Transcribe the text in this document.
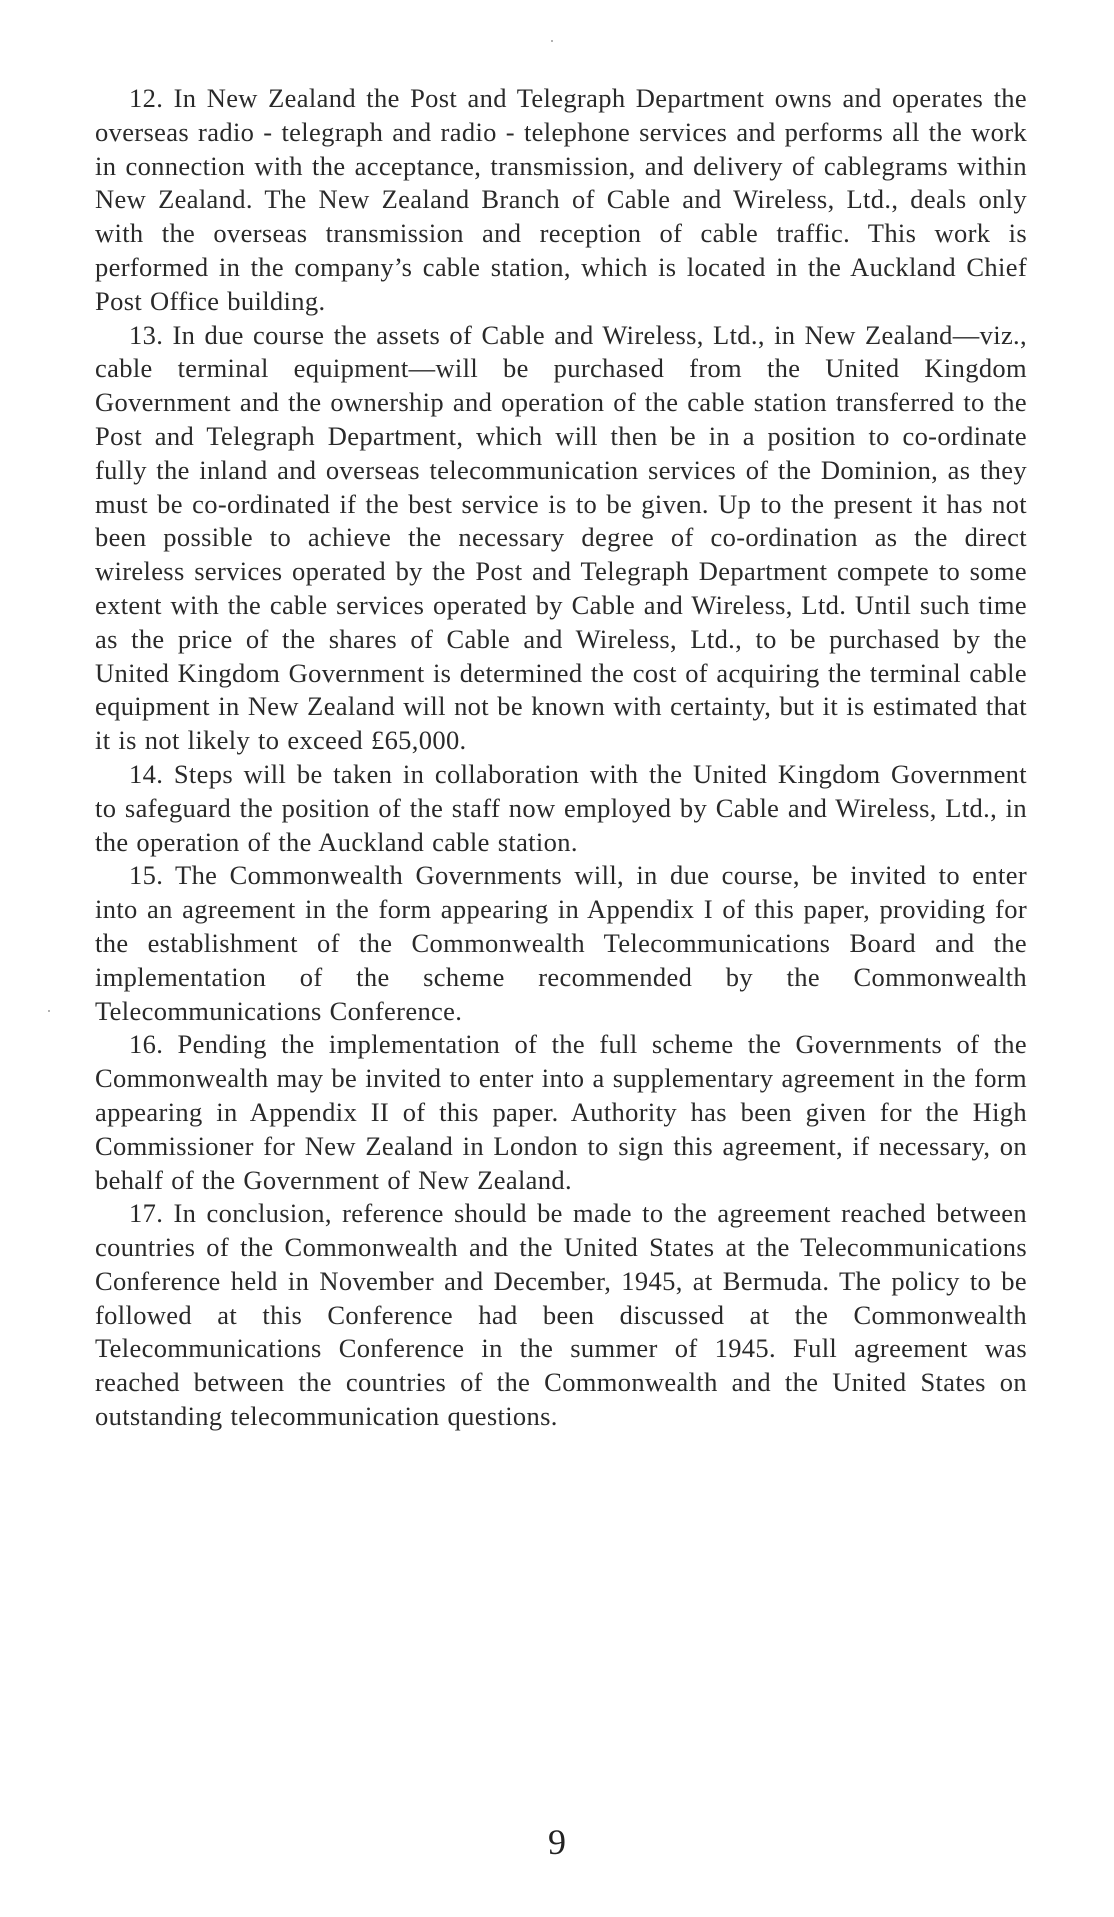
12. In New Zealand the Post and Telegraph Department owns and operates the overseas radio - telegraph and radio - telephone services and performs all the work in connection with the acceptance, transmission, and delivery of cablegrams within New Zealand. The New Zealand Branch of Cable and Wireless, Ltd., deals only with the overseas transmission and reception of cable traffic. This work is performed in the company’s cable station, which is located in the Auckland Chief Post Office building.

13. In due course the assets of Cable and Wireless, Ltd., in New Zealand—viz., cable terminal equipment—will be purchased from the United Kingdom Government and the ownership and operation of the cable station transferred to the Post and Telegraph Department, which will then be in a position to co-ordinate fully the inland and overseas telecommunication services of the Dominion, as they must be co-ordinated if the best service is to be given. Up to the present it has not been possible to achieve the necessary degree of co-ordination as the direct wireless services operated by the Post and Telegraph Department compete to some extent with the cable services operated by Cable and Wireless, Ltd. Until such time as the price of the shares of Cable and Wireless, Ltd., to be purchased by the United Kingdom Government is determined the cost of acquiring the terminal cable equipment in New Zealand will not be known with certainty, but it is estimated that it is not likely to exceed £65,000.

14. Steps will be taken in collaboration with the United Kingdom Government to safeguard the position of the staff now employed by Cable and Wireless, Ltd., in the operation of the Auckland cable station.

15. The Commonwealth Governments will, in due course, be invited to enter into an agreement in the form appearing in Appendix I of this paper, providing for the establishment of the Commonwealth Telecommunications Board and the implementation of the scheme recommended by the Commonwealth Telecommunications Conference.

16. Pending the implementation of the full scheme the Governments of the Commonwealth may be invited to enter into a supplementary agreement in the form appearing in Appendix II of this paper. Authority has been given for the High Commissioner for New Zealand in London to sign this agreement, if necessary, on behalf of the Government of New Zealand.

17. In conclusion, reference should be made to the agreement reached between countries of the Commonwealth and the United States at the Telecommunications Conference held in November and December, 1945, at Bermuda. The policy to be followed at this Conference had been discussed at the Commonwealth Telecommunications Conference in the summer of 1945. Full agreement was reached between the countries of the Commonwealth and the United States on outstanding telecommunication questions.

9
